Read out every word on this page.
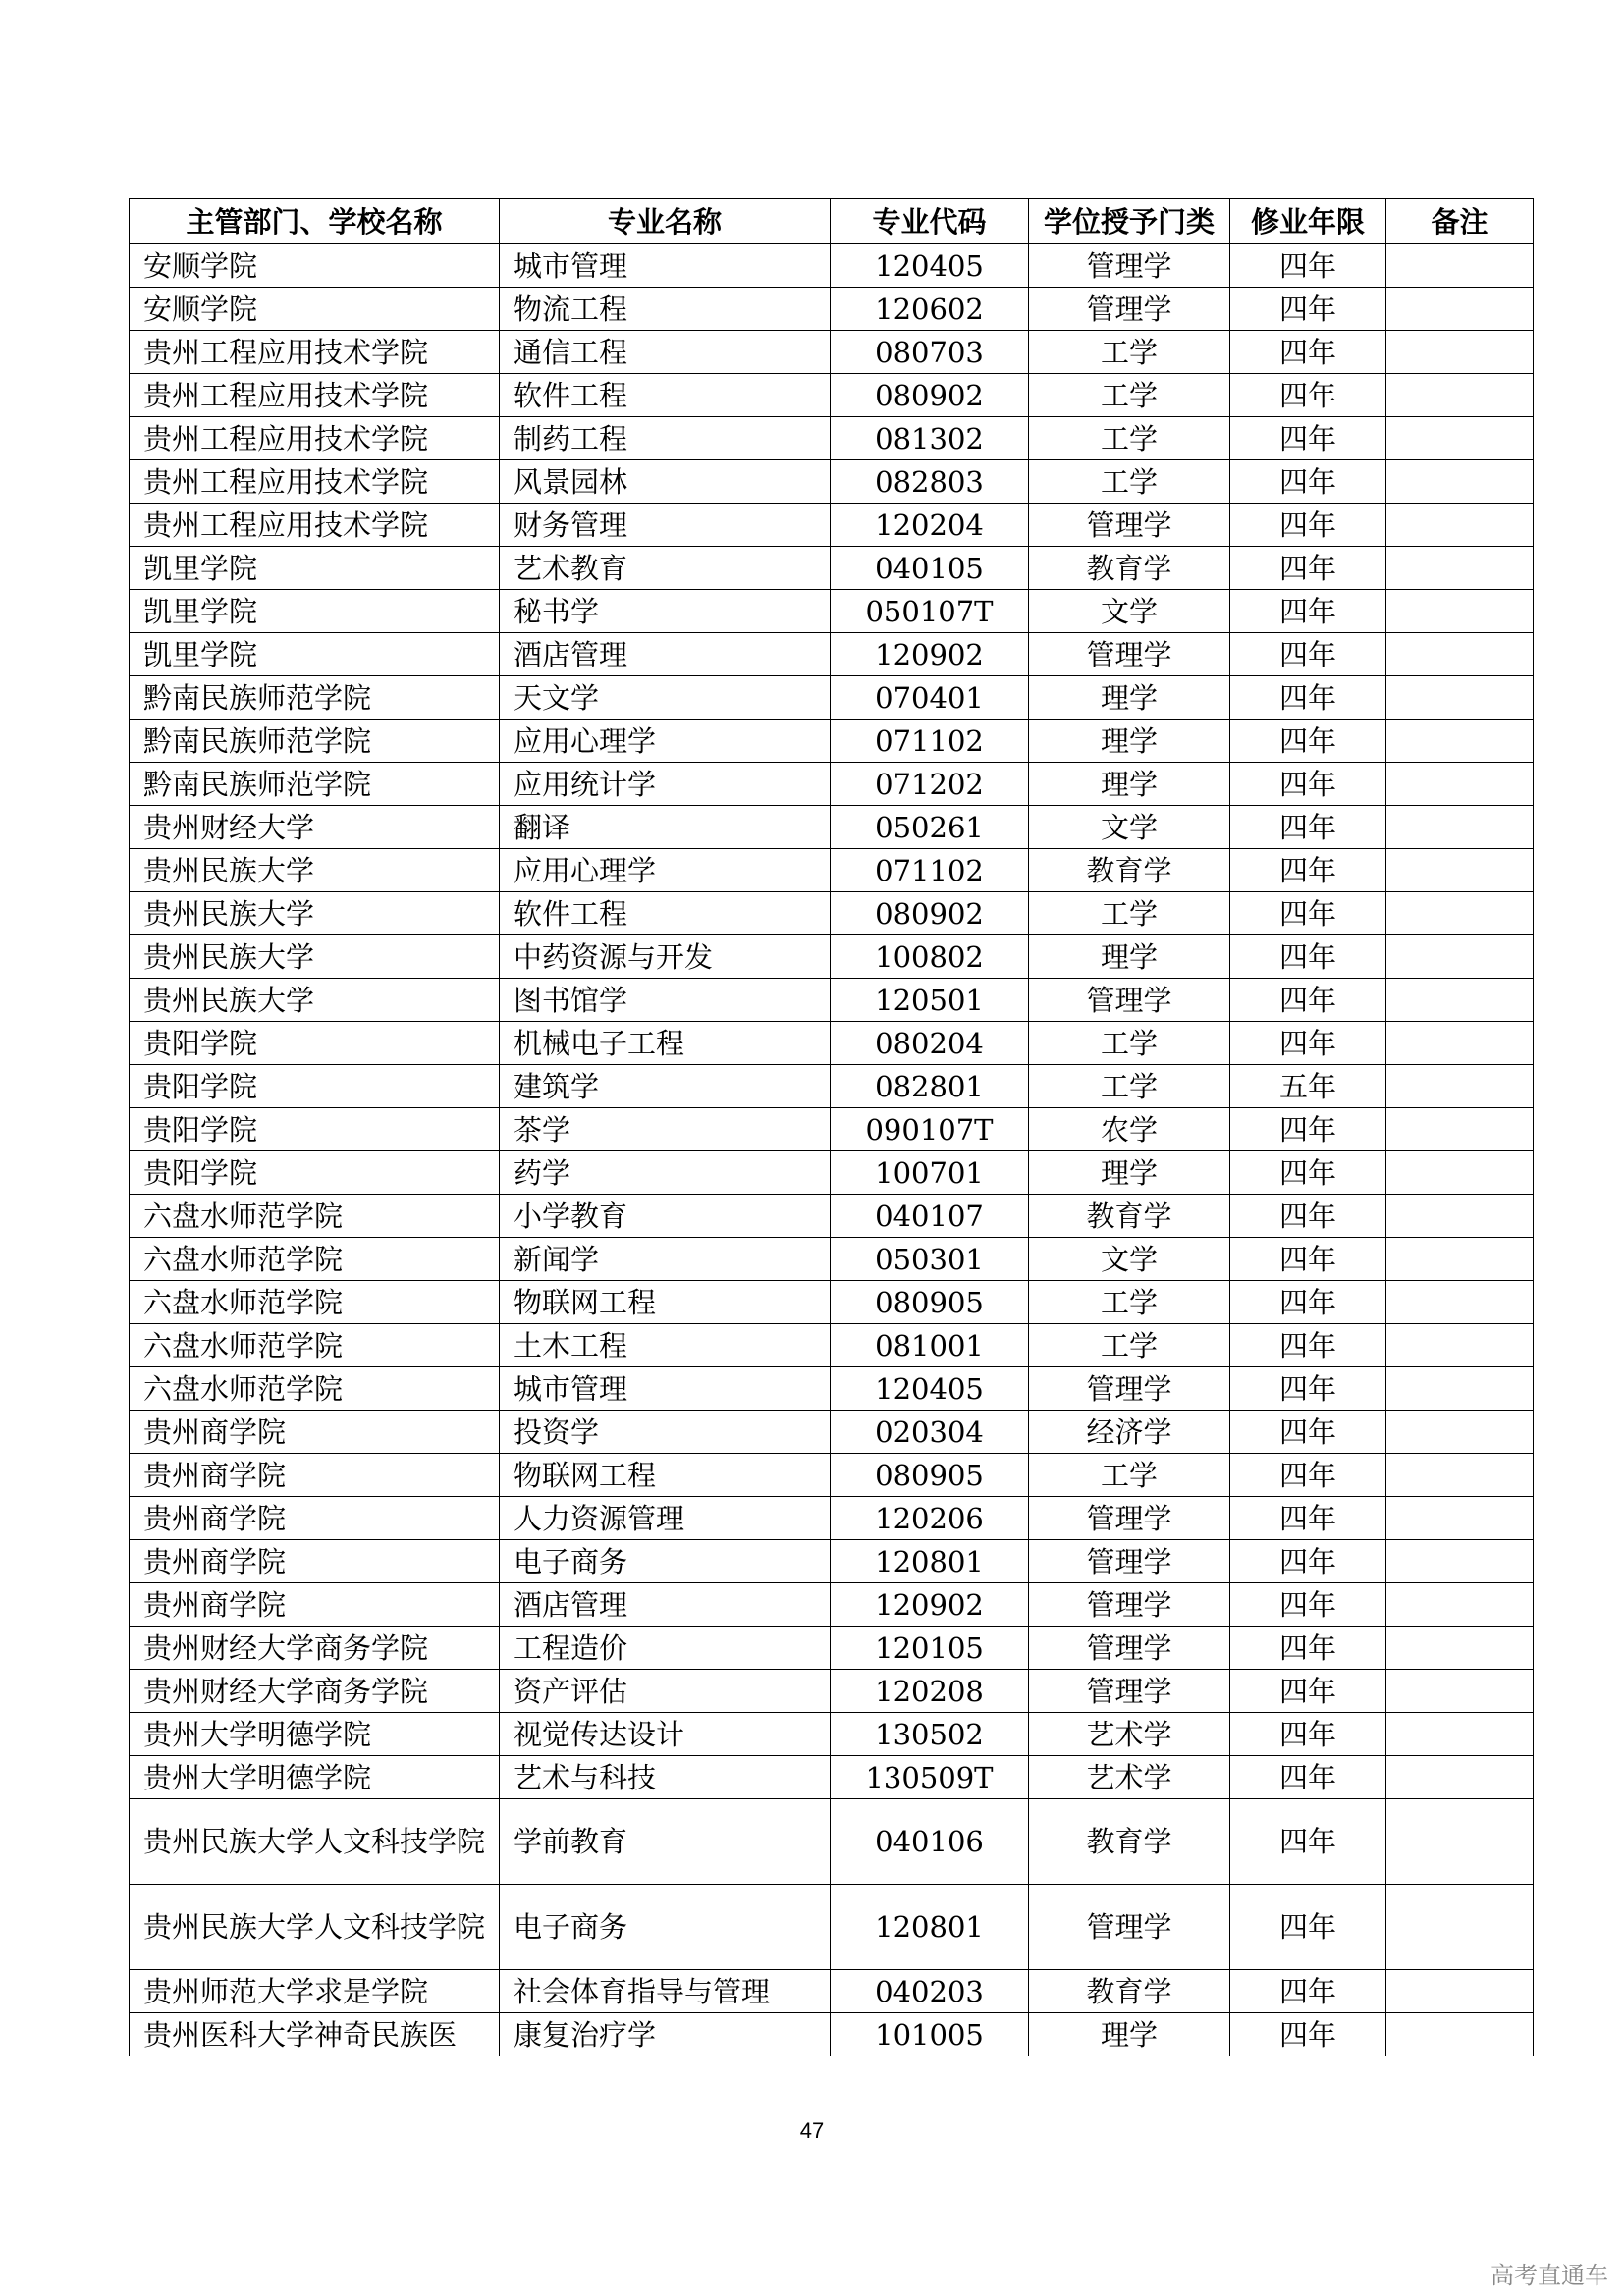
主管部门、学校名称	专业名称	专业代码	学位授予门类	修业年限	备注
安顺学院	城市管理	120405	管理学	四年	
安顺学院	物流工程	120602	管理学	四年	
贵州工程应用技术学院	通信工程	080703	工学	四年	
贵州工程应用技术学院	软件工程	080902	工学	四年	
贵州工程应用技术学院	制药工程	081302	工学	四年	
贵州工程应用技术学院	风景园林	082803	工学	四年	
贵州工程应用技术学院	财务管理	120204	管理学	四年	
凯里学院	艺术教育	040105	教育学	四年	
凯里学院	秘书学	050107T	文学	四年	
凯里学院	酒店管理	120902	管理学	四年	
黔南民族师范学院	天文学	070401	理学	四年	
黔南民族师范学院	应用心理学	071102	理学	四年	
黔南民族师范学院	应用统计学	071202	理学	四年	
贵州财经大学	翻译	050261	文学	四年	
贵州民族大学	应用心理学	071102	教育学	四年	
贵州民族大学	软件工程	080902	工学	四年	
贵州民族大学	中药资源与开发	100802	理学	四年	
贵州民族大学	图书馆学	120501	管理学	四年	
贵阳学院	机械电子工程	080204	工学	四年	
贵阳学院	建筑学	082801	工学	五年	
贵阳学院	茶学	090107T	农学	四年	
贵阳学院	药学	100701	理学	四年	
六盘水师范学院	小学教育	040107	教育学	四年	
六盘水师范学院	新闻学	050301	文学	四年	
六盘水师范学院	物联网工程	080905	工学	四年	
六盘水师范学院	土木工程	081001	工学	四年	
六盘水师范学院	城市管理	120405	管理学	四年	
贵州商学院	投资学	020304	经济学	四年	
贵州商学院	物联网工程	080905	工学	四年	
贵州商学院	人力资源管理	120206	管理学	四年	
贵州商学院	电子商务	120801	管理学	四年	
贵州商学院	酒店管理	120902	管理学	四年	
贵州财经大学商务学院	工程造价	120105	管理学	四年	
贵州财经大学商务学院	资产评估	120208	管理学	四年	
贵州大学明德学院	视觉传达设计	130502	艺术学	四年	
贵州大学明德学院	艺术与科技	130509T	艺术学	四年	
贵州民族大学人文科技学院	学前教育	040106	教育学	四年	
贵州民族大学人文科技学院	电子商务	120801	管理学	四年	
贵州师范大学求是学院	社会体育指导与管理	040203	教育学	四年	
贵州医科大学神奇民族医	康复治疗学	101005	理学	四年	
47
高考直通车
